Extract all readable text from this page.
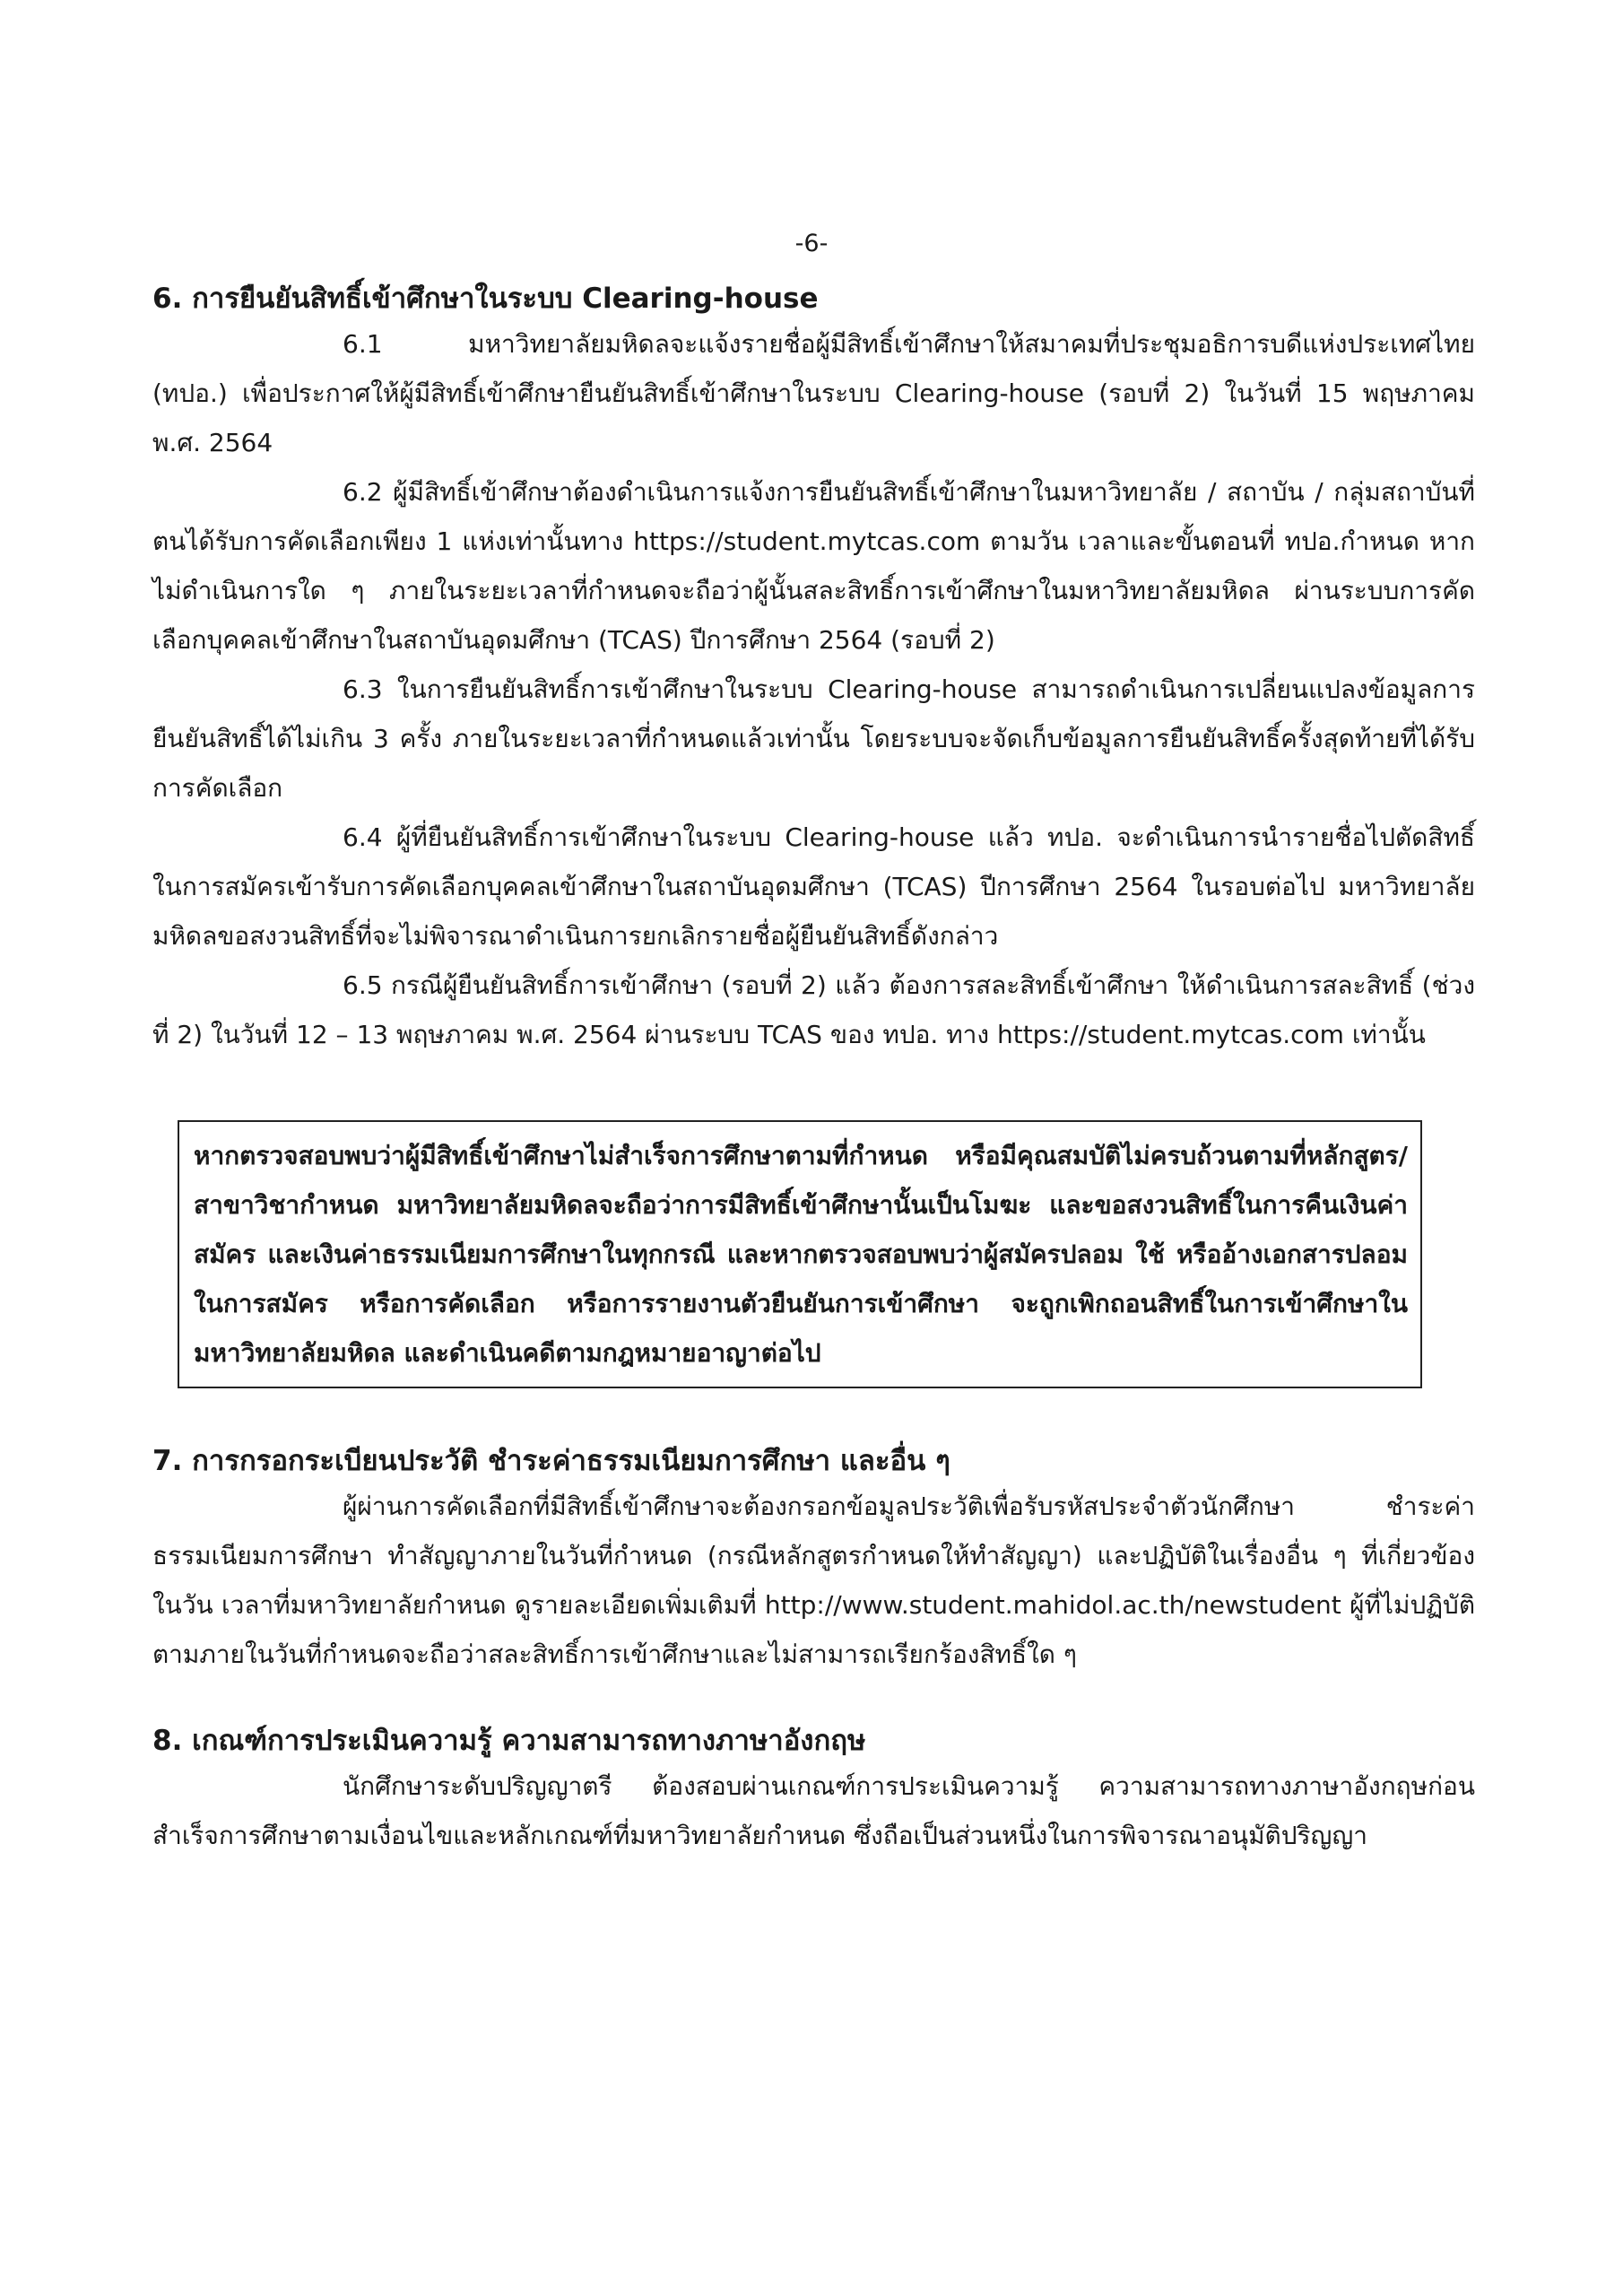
-6-
6. การยืนยันสิทธิ์เข้าศึกษาในระบบ Clearing-house

6.1 มหาวิทยาลัยมหิดลจะแจ้งรายชื่อผู้มีสิทธิ์เข้าศึกษาให้สมาคมที่ประชุมอธิการบดีแห่งประเทศไทย (ทปอ.) เพื่อประกาศให้ผู้มีสิทธิ์เข้าศึกษายืนยันสิทธิ์เข้าศึกษาในระบบ Clearing-house (รอบที่ 2) ในวันที่ 15 พฤษภาคม พ.ศ. 2564

6.2 ผู้มีสิทธิ์เข้าศึกษาต้องดำเนินการแจ้งการยืนยันสิทธิ์เข้าศึกษาในมหาวิทยาลัย / สถาบัน / กลุ่มสถาบันที่ตนได้รับการคัดเลือกเพียง 1 แห่งเท่านั้นทาง https://student.mytcas.com ตามวัน เวลาและขั้นตอนที่ ทปอ.กำหนด หากไม่ดำเนินการใด ๆ ภายในระยะเวลาที่กำหนดจะถือว่าผู้นั้นสละสิทธิ์การเข้าศึกษาในมหาวิทยาลัยมหิดล ผ่านระบบการคัดเลือกบุคคลเข้าศึกษาในสถาบันอุดมศึกษา (TCAS) ปีการศึกษา 2564 (รอบที่ 2)

6.3 ในการยืนยันสิทธิ์การเข้าศึกษาในระบบ Clearing-house สามารถดำเนินการเปลี่ยนแปลงข้อมูลการยืนยันสิทธิ์ได้ไม่เกิน 3 ครั้ง ภายในระยะเวลาที่กำหนดแล้วเท่านั้น โดยระบบจะจัดเก็บข้อมูลการยืนยันสิทธิ์ครั้งสุดท้ายที่ได้รับการคัดเลือก

6.4 ผู้ที่ยืนยันสิทธิ์การเข้าศึกษาในระบบ Clearing-house แล้ว ทปอ. จะดำเนินการนำรายชื่อไปตัดสิทธิ์ในการสมัครเข้ารับการคัดเลือกบุคคลเข้าศึกษาในสถาบันอุดมศึกษา (TCAS) ปีการศึกษา 2564 ในรอบต่อไป มหาวิทยาลัยมหิดลขอสงวนสิทธิ์ที่จะไม่พิจารณาดำเนินการยกเลิกรายชื่อผู้ยืนยันสิทธิ์ดังกล่าว

6.5 กรณีผู้ยืนยันสิทธิ์การเข้าศึกษา (รอบที่ 2) แล้ว ต้องการสละสิทธิ์เข้าศึกษา ให้ดำเนินการสละสิทธิ์ (ช่วงที่ 2) ในวันที่ 12 – 13 พฤษภาคม พ.ศ. 2564 ผ่านระบบ TCAS ของ ทปอ. ทาง https://student.mytcas.com เท่านั้น

หากตรวจสอบพบว่าผู้มีสิทธิ์เข้าศึกษาไม่สำเร็จการศึกษาตามที่กำหนด หรือมีคุณสมบัติไม่ครบถ้วนตามที่หลักสูตร/สาขาวิชากำหนด มหาวิทยาลัยมหิดลจะถือว่าการมีสิทธิ์เข้าศึกษานั้นเป็นโมฆะ และขอสงวนสิทธิ์ในการคืนเงินค่าสมัคร และเงินค่าธรรมเนียมการศึกษาในทุกกรณี และหากตรวจสอบพบว่าผู้สมัครปลอม ใช้ หรืออ้างเอกสารปลอมในการสมัคร หรือการคัดเลือก หรือการรายงานตัวยืนยันการเข้าศึกษา จะถูกเพิกถอนสิทธิ์ในการเข้าศึกษาในมหาวิทยาลัยมหิดล และดำเนินคดีตามกฎหมายอาญาต่อไป

7. การกรอกระเบียนประวัติ ชำระค่าธรรมเนียมการศึกษา และอื่น ๆ

ผู้ผ่านการคัดเลือกที่มีสิทธิ์เข้าศึกษาจะต้องกรอกข้อมูลประวัติเพื่อรับรหัสประจำตัวนักศึกษา ชำระค่าธรรมเนียมการศึกษา ทำสัญญาภายในวันที่กำหนด (กรณีหลักสูตรกำหนดให้ทำสัญญา) และปฏิบัติในเรื่องอื่น ๆ ที่เกี่ยวข้อง ในวัน เวลาที่มหาวิทยาลัยกำหนด ดูรายละเอียดเพิ่มเติมที่ http://www.student.mahidol.ac.th/newstudent ผู้ที่ไม่ปฏิบัติตามภายในวันที่กำหนดจะถือว่าสละสิทธิ์การเข้าศึกษาและไม่สามารถเรียกร้องสิทธิ์ใด ๆ

8. เกณฑ์การประเมินความรู้ ความสามารถทางภาษาอังกฤษ

นักศึกษาระดับปริญญาตรี ต้องสอบผ่านเกณฑ์การประเมินความรู้ ความสามารถทางภาษาอังกฤษก่อนสำเร็จการศึกษาตามเงื่อนไขและหลักเกณฑ์ที่มหาวิทยาลัยกำหนด ซึ่งถือเป็นส่วนหนึ่งในการพิจารณาอนุมัติปริญญา
